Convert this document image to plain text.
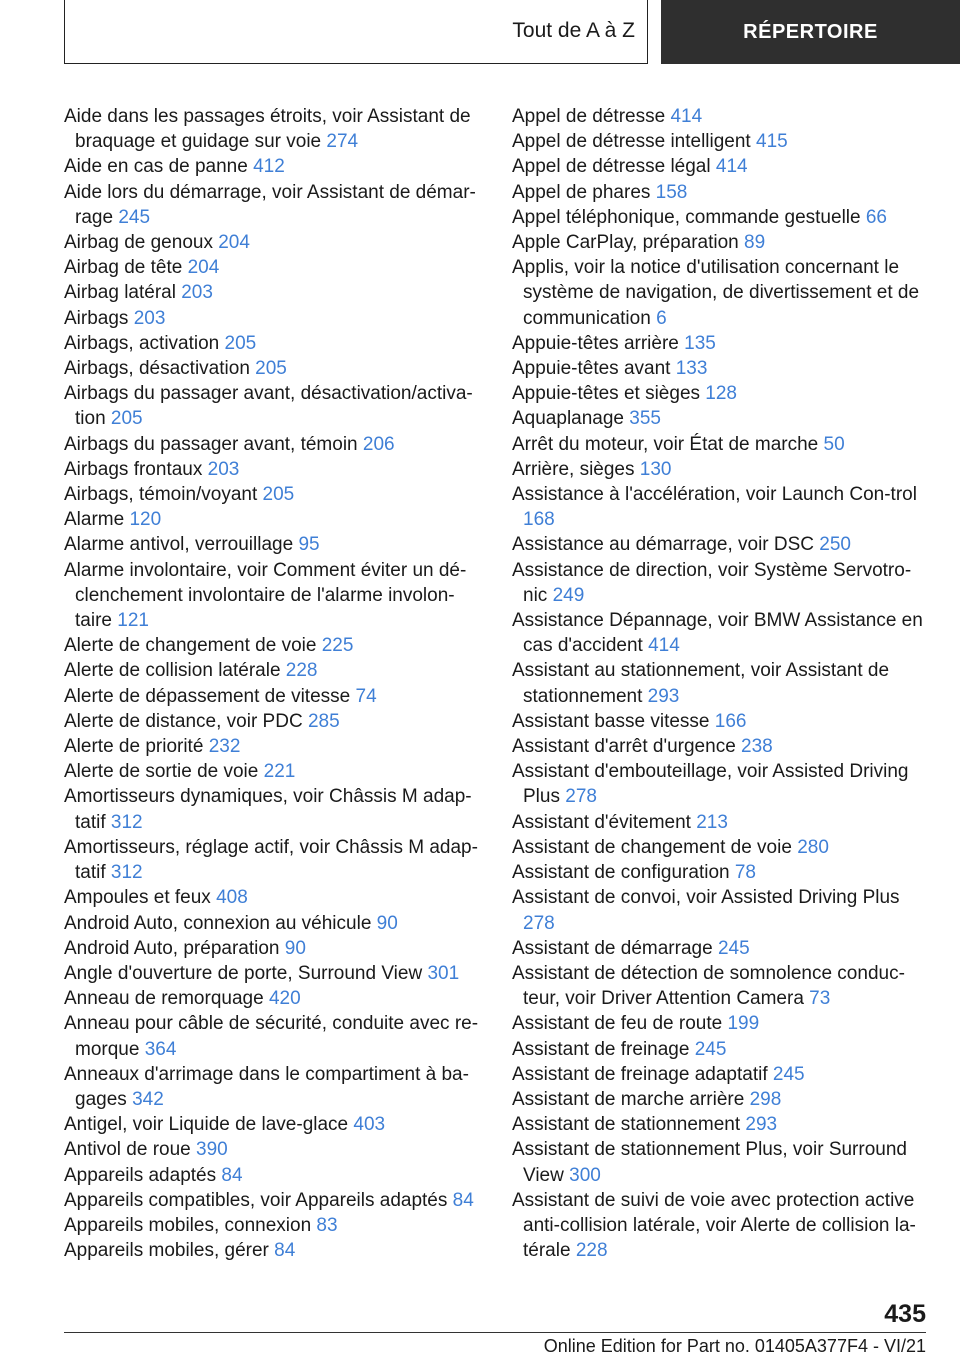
Tout de A à Z	RÉPERTOIRE
Aide dans les passages étroits, voir Assistant de braquage et guidage sur voie 274
Aide en cas de panne 412
Aide lors du démarrage, voir Assistant de démar-rage 245
Airbag de genoux 204
Airbag de tête 204
Airbag latéral 203
Airbags 203
Airbags, activation 205
Airbags, désactivation 205
Airbags du passager avant, désactivation/activa-tion 205
Airbags du passager avant, témoin 206
Airbags frontaux 203
Airbags, témoin/voyant 205
Alarme 120
Alarme antivol, verrouillage 95
Alarme involontaire, voir Comment éviter un dé-clenchement involontaire de l'alarme involon-taire 121
Alerte de changement de voie 225
Alerte de collision latérale 228
Alerte de dépassement de vitesse 74
Alerte de distance, voir PDC 285
Alerte de priorité 232
Alerte de sortie de voie 221
Amortisseurs dynamiques, voir Châssis M adap-tatif 312
Amortisseurs, réglage actif, voir Châssis M adap-tatif 312
Ampoules et feux 408
Android Auto, connexion au véhicule 90
Android Auto, préparation 90
Angle d'ouverture de porte, Surround View 301
Anneau de remorquage 420
Anneau pour câble de sécurité, conduite avec re-morque 364
Anneaux d'arrimage dans le compartiment à ba-gages 342
Antigel, voir Liquide de lave-glace 403
Antivol de roue 390
Appareils adaptés 84
Appareils compatibles, voir Appareils adaptés 84
Appareils mobiles, connexion 83
Appareils mobiles, gérer 84
Appel de détresse 414
Appel de détresse intelligent 415
Appel de détresse légal 414
Appel de phares 158
Appel téléphonique, commande gestuelle 66
Apple CarPlay, préparation 89
Applis, voir la notice d'utilisation concernant le système de navigation, de divertissement et de communication 6
Appuie-têtes arrière 135
Appuie-têtes avant 133
Appuie-têtes et sièges 128
Aquaplanage 355
Arrêt du moteur, voir État de marche 50
Arrière, sièges 130
Assistance à l'accélération, voir Launch Con-trol 168
Assistance au démarrage, voir DSC 250
Assistance de direction, voir Système Servotro-nic 249
Assistance Dépannage, voir BMW Assistance en cas d'accident 414
Assistant au stationnement, voir Assistant de stationnement 293
Assistant basse vitesse 166
Assistant d'arrêt d'urgence 238
Assistant d'embouteillage, voir Assisted Driving Plus 278
Assistant d'évitement 213
Assistant de changement de voie 280
Assistant de configuration 78
Assistant de convoi, voir Assisted Driving Plus 278
Assistant de démarrage 245
Assistant de détection de somnolence conduc-teur, voir Driver Attention Camera 73
Assistant de feu de route 199
Assistant de freinage 245
Assistant de freinage adaptatif 245
Assistant de marche arrière 298
Assistant de stationnement 293
Assistant de stationnement Plus, voir Surround View 300
Assistant de suivi de voie avec protection active anti-collision latérale, voir Alerte de collision la-térale 228
435
Online Edition for Part no. 01405A377F4 - VI/21
